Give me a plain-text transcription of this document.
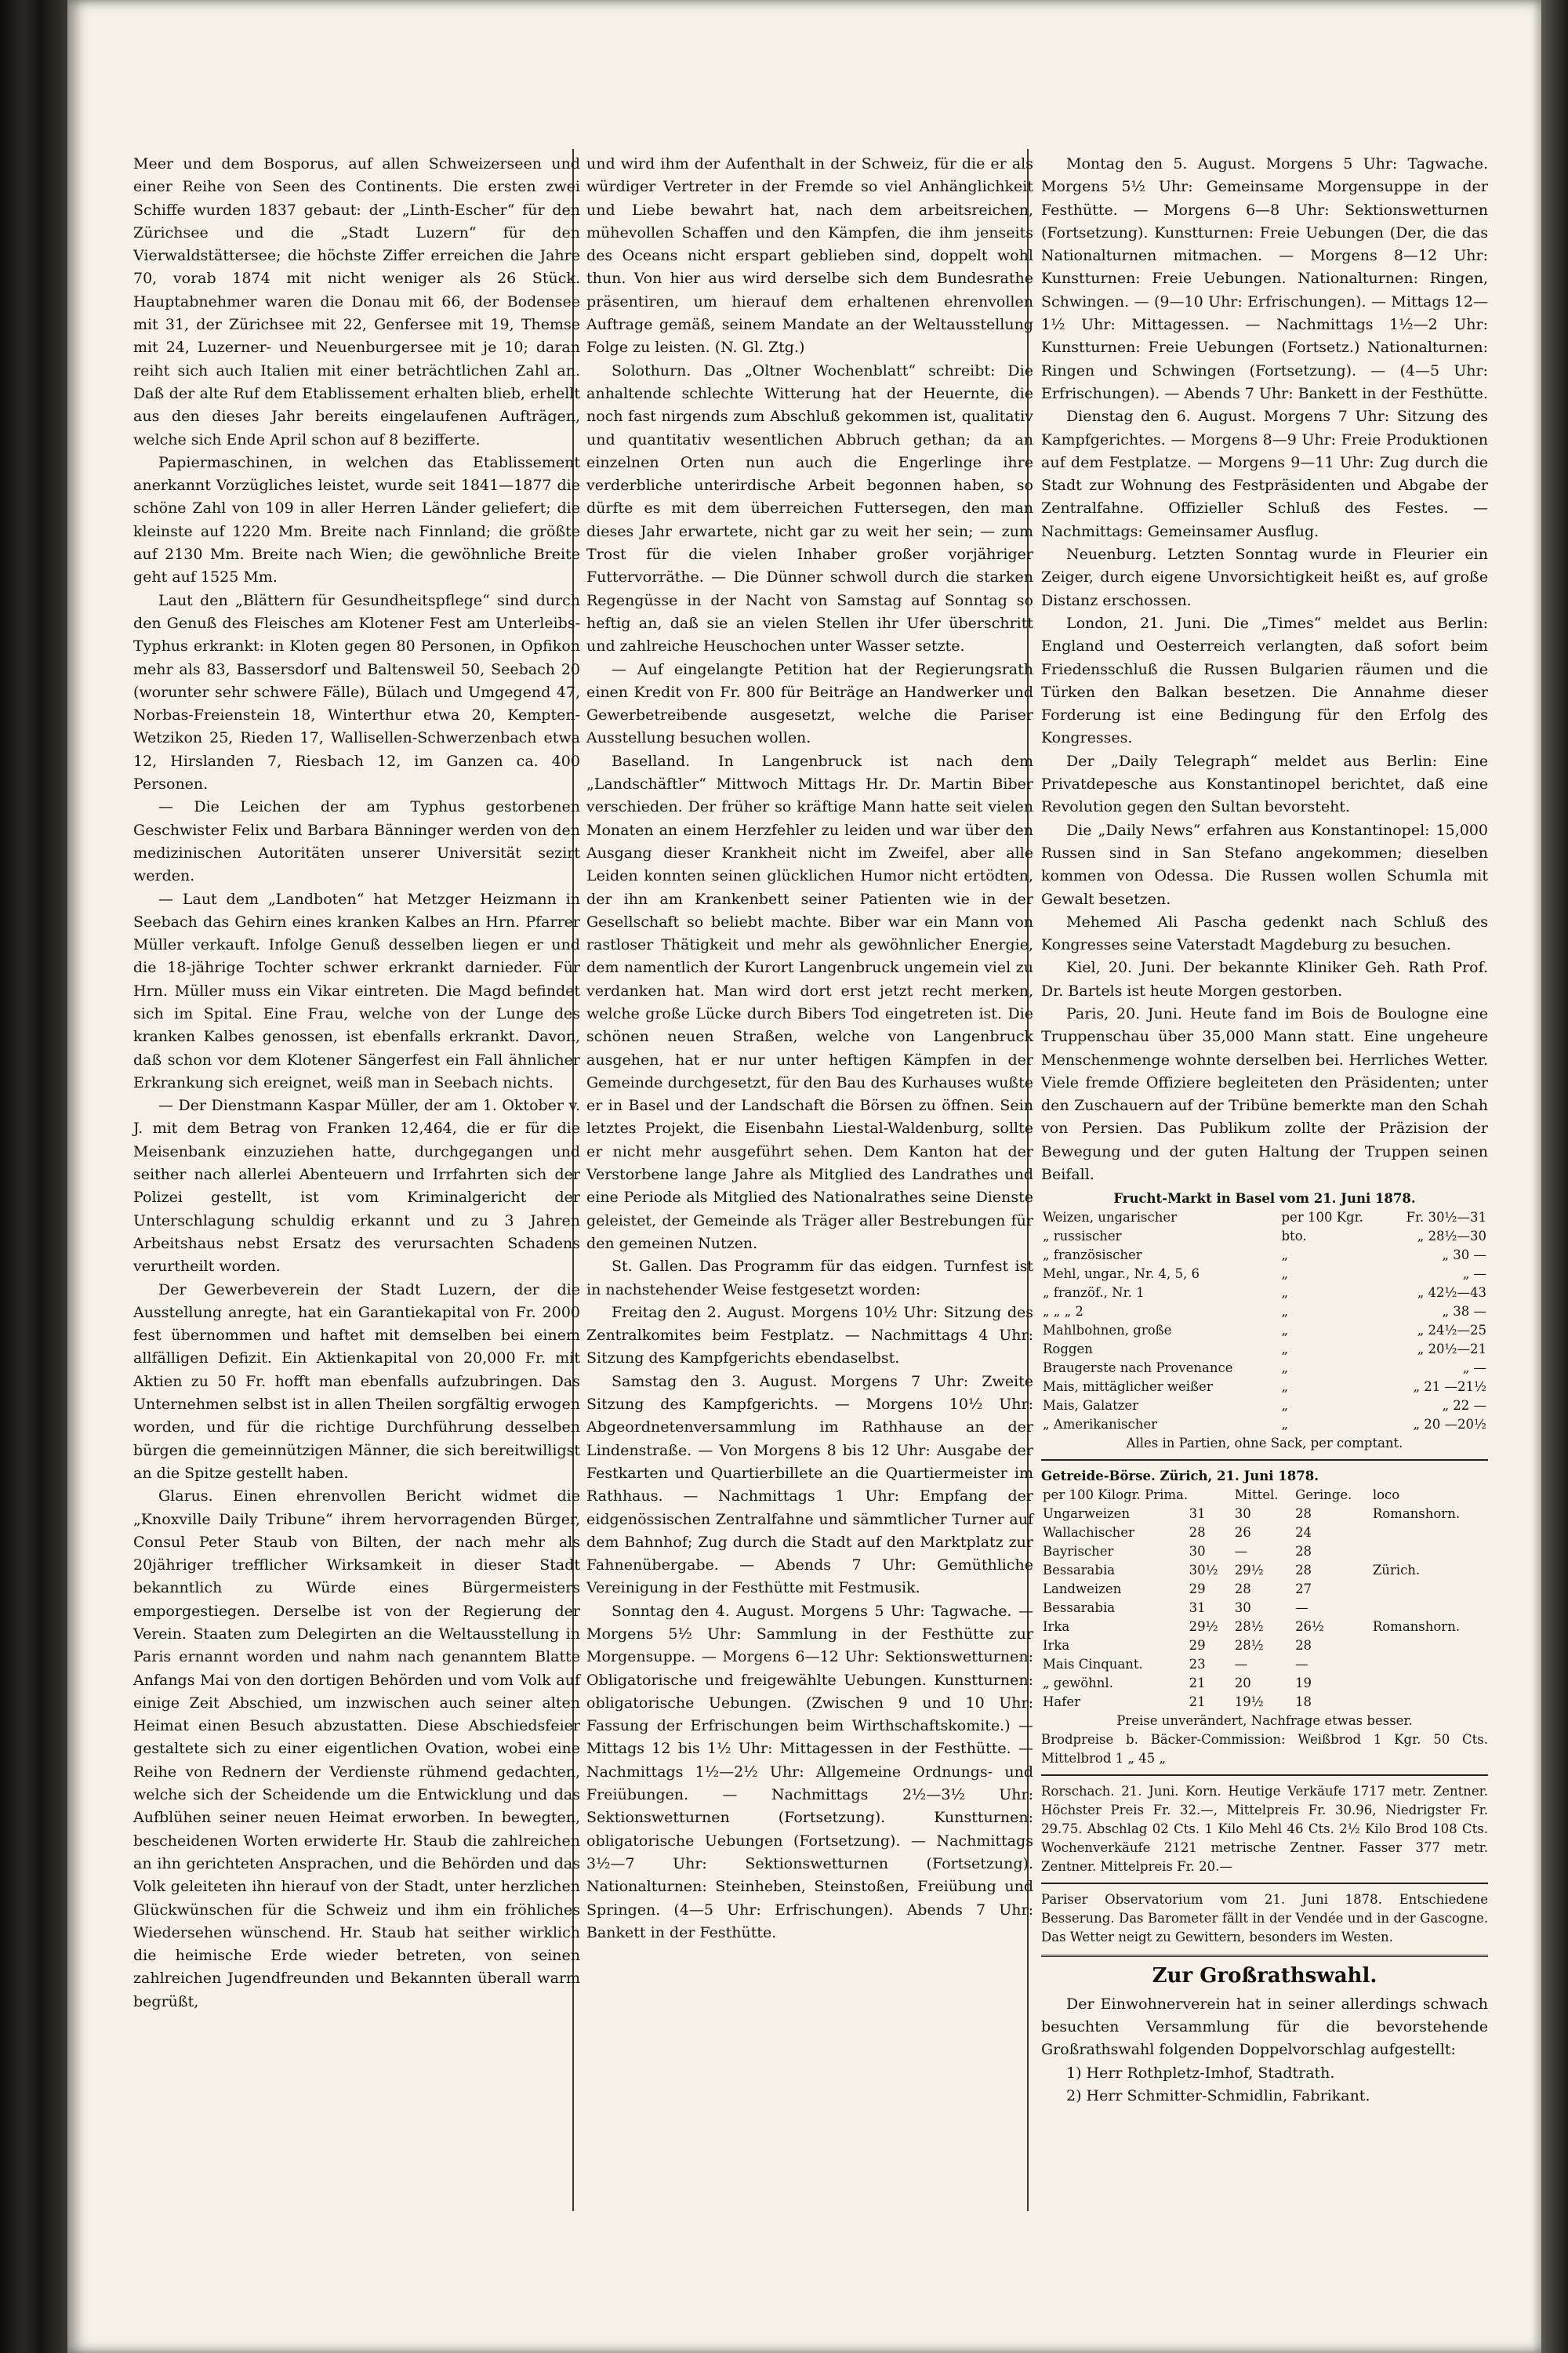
Meer und dem Bosporus, auf allen Schweizerseen und einer Reihe von Seen des Continents. Die ersten zwei Schiffe wurden 1837 gebaut: der „Linth-Escher“ für den Zürichsee und die „Stadt Luzern“ für den Vierwaldstättersee; die höchste Ziffer erreichen die Jahre 70, vorab 1874 mit nicht weniger als 26 Stück. Hauptabnehmer waren die Donau mit 66, der Bodensee mit 31, der Zürichsee mit 22, Genfersee mit 19, Themse mit 24, Luzerner- und Neuenburgersee mit je 10; daran reiht sich auch Italien mit einer beträchtlichen Zahl an. Daß der alte Ruf dem Etablissement erhalten blieb, erhellt aus den dieses Jahr bereits eingelaufenen Aufträgen, welche sich Ende April schon auf 8 bezifferte.

Papiermaschinen, in welchen das Etablissement anerkannt Vorzügliches leistet, wurde seit 1841—1877 die schöne Zahl von 109 in aller Herren Länder geliefert; die kleinste auf 1220 Mm. Breite nach Finnland; die größte auf 2130 Mm. Breite nach Wien; die gewöhnliche Breite geht auf 1525 Mm.

Laut den „Blättern für Gesundheitspflege“ sind durch den Genuß des Fleisches am Klotener Fest am Unterleibs-Typhus erkrankt: in Kloten gegen 80 Personen, in Opfikon mehr als 83, Bassersdorf und Baltensweil 50, Seebach 20 (worunter sehr schwere Fälle), Bülach und Umgegend 47, Norbas-Freienstein 18, Winterthur etwa 20, Kempten-Wetzikon 25, Rieden 17, Wallisellen-Schwerzenbach etwa 12, Hirslanden 7, Riesbach 12, im Ganzen ca. 400 Personen.

— Die Leichen der am Typhus gestorbenen Geschwister Felix und Barbara Bänninger werden von den medizinischen Autoritäten unserer Universität sezirt werden.

— Laut dem „Landboten“ hat Metzger Heizmann in Seebach das Gehirn eines kranken Kalbes an Hrn. Pfarrer Müller verkauft. Infolge Genuß desselben liegen er und die 18-jährige Tochter schwer erkrankt darnieder. Für Hrn. Müller muss ein Vikar eintreten. Die Magd befindet sich im Spital. Eine Frau, welche von der Lunge des kranken Kalbes genossen, ist ebenfalls erkrankt. Davon, daß schon vor dem Klotener Sängerfest ein Fall ähnlicher Erkrankung sich ereignet, weiß man in Seebach nichts.

— Der Dienstmann Kaspar Müller, der am 1. Oktober v. J. mit dem Betrag von Franken 12,464, die er für die Meisenbank einzuziehen hatte, durchgegangen und seither nach allerlei Abenteuern und Irrfahrten sich der Polizei gestellt, ist vom Kriminalgericht der Unterschlagung schuldig erkannt und zu 3 Jahren Arbeitshaus nebst Ersatz des verursachten Schadens verurtheilt worden.

Der Gewerbeverein der Stadt Luzern, der die Ausstellung anregte, hat ein Garantiekapital von Fr. 2000 fest übernommen und haftet mit demselben bei einem allfälligen Defizit. Ein Aktienkapital von 20,000 Fr. mit Aktien zu 50 Fr. hofft man ebenfalls aufzubringen. Das Unternehmen selbst ist in allen Theilen sorgfältig erwogen worden, und für die richtige Durchführung desselben bürgen die gemeinnützigen Männer, die sich bereitwilligst an die Spitze gestellt haben.

Glarus. Einen ehrenvollen Bericht widmet die „Knoxville Daily Tribune“ ihrem hervorragenden Bürger, Consul Peter Staub von Bilten, der nach mehr als 20jähriger trefflicher Wirksamkeit in dieser Stadt bekanntlich zu Würde eines Bürgermeisters emporgestiegen. Derselbe ist von der Regierung der Verein. Staaten zum Delegirten an die Weltausstellung in Paris ernannt worden und nahm nach genanntem Blatte Anfangs Mai von den dortigen Behörden und vom Volk auf einige Zeit Abschied, um inzwischen auch seiner alten Heimat einen Besuch abzustatten. Diese Abschiedsfeier gestaltete sich zu einer eigentlichen Ovation, wobei eine Reihe von Rednern der Verdienste rühmend gedachten, welche sich der Scheidende um die Entwicklung und das Aufblühen seiner neuen Heimat erworben. In bewegten, bescheidenen Worten erwiderte Hr. Staub die zahlreichen an ihn gerichteten Ansprachen, und die Behörden und das Volk geleiteten ihn hierauf von der Stadt, unter herzlichen Glückwünschen für die Schweiz und ihm ein fröhliches Wiedersehen wünschend. Hr. Staub hat seither wirklich die heimische Erde wieder betreten, von seinen zahlreichen Jugendfreunden und Bekannten überall warm begrüßt,

und wird ihm der Aufenthalt in der Schweiz, für die er als würdiger Vertreter in der Fremde so viel Anhänglichkeit und Liebe bewahrt hat, nach dem arbeitsreichen, mühevollen Schaffen und den Kämpfen, die ihm jenseits des Oceans nicht erspart geblieben sind, doppelt wohl thun. Von hier aus wird derselbe sich dem Bundesrathe präsentiren, um hierauf dem erhaltenen ehrenvollen Auftrage gemäß, seinem Mandate an der Weltausstellung Folge zu leisten. (N. Gl. Ztg.)

Solothurn. Das „Oltner Wochenblatt“ schreibt: Die anhaltende schlechte Witterung hat der Heuernte, die noch fast nirgends zum Abschluß gekommen ist, qualitativ und quantitativ wesentlichen Abbruch gethan; da an einzelnen Orten nun auch die Engerlinge ihre verderbliche unterirdische Arbeit begonnen haben, so dürfte es mit dem überreichen Futtersegen, den man dieses Jahr erwartete, nicht gar zu weit her sein; — zum Trost für die vielen Inhaber großer vorjähriger Futtervorräthe. — Die Dünner schwoll durch die starken Regengüsse in der Nacht von Samstag auf Sonntag so heftig an, daß sie an vielen Stellen ihr Ufer überschritt und zahlreiche Heuschochen unter Wasser setzte.

— Auf eingelangte Petition hat der Regierungsrath einen Kredit von Fr. 800 für Beiträge an Handwerker und Gewerbetreibende ausgesetzt, welche die Pariser Ausstellung besuchen wollen.

Baselland. In Langenbruck ist nach dem „Landschäftler“ Mittwoch Mittags Hr. Dr. Martin Biber verschieden. Der früher so kräftige Mann hatte seit vielen Monaten an einem Herzfehler zu leiden und war über den Ausgang dieser Krankheit nicht im Zweifel, aber alle Leiden konnten seinen glücklichen Humor nicht ertödten, der ihn am Krankenbett seiner Patienten wie in der Gesellschaft so beliebt machte. Biber war ein Mann von rastloser Thätigkeit und mehr als gewöhnlicher Energie, dem namentlich der Kurort Langenbruck ungemein viel zu verdanken hat. Man wird dort erst jetzt recht merken, welche große Lücke durch Bibers Tod eingetreten ist. Die schönen neuen Straßen, welche von Langenbruck ausgehen, hat er nur unter heftigen Kämpfen in der Gemeinde durchgesetzt, für den Bau des Kurhauses wußte er in Basel und der Landschaft die Börsen zu öffnen. Sein letztes Projekt, die Eisenbahn Liestal-Waldenburg, sollte er nicht mehr ausgeführt sehen. Dem Kanton hat der Verstorbene lange Jahre als Mitglied des Landrathes und eine Periode als Mitglied des Nationalrathes seine Dienste geleistet, der Gemeinde als Träger aller Bestrebungen für den gemeinen Nutzen.

St. Gallen. Das Programm für das eidgen. Turnfest ist in nachstehender Weise festgesetzt worden:

Freitag den 2. August. Morgens 10½ Uhr: Sitzung des Zentralkomites beim Festplatz. — Nachmittags 4 Uhr: Sitzung des Kampfgerichts ebendaselbst.

Samstag den 3. August. Morgens 7 Uhr: Zweite Sitzung des Kampfgerichts. — Morgens 10½ Uhr: Abgeordnetenversammlung im Rathhause an der Lindenstraße. — Von Morgens 8 bis 12 Uhr: Ausgabe der Festkarten und Quartierbillete an die Quartiermeister im Rathhaus. — Nachmittags 1 Uhr: Empfang der eidgenössischen Zentralfahne und sämmtlicher Turner auf dem Bahnhof; Zug durch die Stadt auf den Marktplatz zur Fahnenübergabe. — Abends 7 Uhr: Gemüthliche Vereinigung in der Festhütte mit Festmusik.

Sonntag den 4. August. Morgens 5 Uhr: Tagwache. — Morgens 5½ Uhr: Sammlung in der Festhütte zur Morgensuppe. — Morgens 6—12 Uhr: Sektionswetturnen: Obligatorische und freigewählte Uebungen. Kunstturnen: obligatorische Uebungen. (Zwischen 9 und 10 Uhr: Fassung der Erfrischungen beim Wirthschaftskomite.) — Mittags 12 bis 1½ Uhr: Mittagessen in der Festhütte. — Nachmittags 1½—2½ Uhr: Allgemeine Ordnungs- und Freiübungen. — Nachmittags 2½—3½ Uhr: Sektionswetturnen (Fortsetzung). Kunstturnen: obligatorische Uebungen (Fortsetzung). — Nachmittags 3½—7 Uhr: Sektionswetturnen (Fortsetzung). Nationalturnen: Steinheben, Steinstoßen, Freiübung und Springen. (4—5 Uhr: Erfrischungen). Abends 7 Uhr: Bankett in der Festhütte.

Montag den 5. August. Morgens 5 Uhr: Tagwache. Morgens 5½ Uhr: Gemeinsame Morgensuppe in der Festhütte. — Morgens 6—8 Uhr: Sektionswetturnen (Fortsetzung). Kunstturnen: Freie Uebungen (Der, die das Nationalturnen mitmachen. — Morgens 8—12 Uhr: Kunstturnen: Freie Uebungen. Nationalturnen: Ringen, Schwingen. — (9—10 Uhr: Erfrischungen). — Mittags 12—1½ Uhr: Mittagessen. — Nachmittags 1½—2 Uhr: Kunstturnen: Freie Uebungen (Fortsetz.) Nationalturnen: Ringen und Schwingen (Fortsetzung). — (4—5 Uhr: Erfrischungen). — Abends 7 Uhr: Bankett in der Festhütte.

Dienstag den 6. August. Morgens 7 Uhr: Sitzung des Kampfgerichtes. — Morgens 8—9 Uhr: Freie Produktionen auf dem Festplatze. — Morgens 9—11 Uhr: Zug durch die Stadt zur Wohnung des Festpräsidenten und Abgabe der Zentralfahne. Offizieller Schluß des Festes. — Nachmittags: Gemeinsamer Ausflug.

Neuenburg. Letzten Sonntag wurde in Fleurier ein Zeiger, durch eigene Unvorsichtigkeit heißt es, auf große Distanz erschossen.

London, 21. Juni. Die „Times“ meldet aus Berlin: England und Oesterreich verlangten, daß sofort beim Friedensschluß die Russen Bulgarien räumen und die Türken den Balkan besetzen. Die Annahme dieser Forderung ist eine Bedingung für den Erfolg des Kongresses.

Der „Daily Telegraph“ meldet aus Berlin: Eine Privatdepesche aus Konstantinopel berichtet, daß eine Revolution gegen den Sultan bevorsteht.

Die „Daily News“ erfahren aus Konstantinopel: 15,000 Russen sind in San Stefano angekommen; dieselben kommen von Odessa. Die Russen wollen Schumla mit Gewalt besetzen.

Mehemed Ali Pascha gedenkt nach Schluß des Kongresses seine Vaterstadt Magdeburg zu besuchen.

Kiel, 20. Juni. Der bekannte Kliniker Geh. Rath Prof. Dr. Bartels ist heute Morgen gestorben.

Paris, 20. Juni. Heute fand im Bois de Boulogne eine Truppenschau über 35,000 Mann statt. Eine ungeheure Menschenmenge wohnte derselben bei. Herrliches Wetter. Viele fremde Offiziere begleiteten den Präsidenten; unter den Zuschauern auf der Tribüne bemerkte man den Schah von Persien. Das Publikum zollte der Präzision der Bewegung und der guten Haltung der Truppen seinen Beifall.

Frucht-Markt in Basel vom 21. Juni 1878.
Weizen, ungarischer	per 100 Kgr.	Fr. 30½—31
„ russischer	bto.	„ 28½—30
„ französischer	„	„ 30 —
Mehl, ungar., Nr. 4, 5, 6	„	„ —
„ franzöf., Nr. 1	„	„ 42½—43
„ „ „ 2	„	„ 38 —
Mahlbohnen, große	„	„ 24½—25
Roggen	„	„ 20½—21
Braugerste nach Provenance	„	„ —
Mais, mittäglicher weißer	„	„ 21 —21½
Mais, Galatzer	„	„ 22 —
„ Amerikanischer	„	„ 20 —20½
Alles in Partien, ohne Sack, per comptant.
Getreide-Börse. Zürich, 21. Juni 1878.
per 100 Kilogr. Prima.		Mittel.	Geringe.	loco
Ungarweizen	31	30	28	Romanshorn.
Wallachischer	28	26	24	
Bayrischer	30	—	28	
Bessarabia	30½	29½	28	Zürich.
Landweizen	29	28	27	
Bessarabia	31	30	—	
Irka	29½	28½	26½	Romanshorn.
Irka	29	28½	28	
Mais Cinquant.	23	—	—	
„ gewöhnl.	21	20	19	
Hafer	21	19½	18	
Preise unverändert, Nachfrage etwas besser.
Brodpreise b. Bäcker-Commission: Weißbrod 1 Kgr. 50 Cts. Mittelbrod 1 „ 45 „
Rorschach. 21. Juni. Korn. Heutige Verkäufe 1717 metr. Zentner. Höchster Preis Fr. 32.—, Mittelpreis Fr. 30.96, Niedrigster Fr. 29.75. Abschlag 02 Cts. 1 Kilo Mehl 46 Cts. 2½ Kilo Brod 108 Cts. Wochenverkäufe 2121 metrische Zentner. Fasser 377 metr. Zentner. Mittelpreis Fr. 20.—
Pariser Observatorium vom 21. Juni 1878. Entschiedene Besserung. Das Barometer fällt in der Vendée und in der Gascogne. Das Wetter neigt zu Gewittern, besonders im Westen.
Zur Großrathswahl.

Der Einwohnerverein hat in seiner allerdings schwach besuchten Versammlung für die bevorstehende Großrathswahl folgenden Doppelvorschlag aufgestellt:

1) Herr Rothpletz-Imhof, Stadtrath.

2) Herr Schmitter-Schmidlin, Fabrikant.
